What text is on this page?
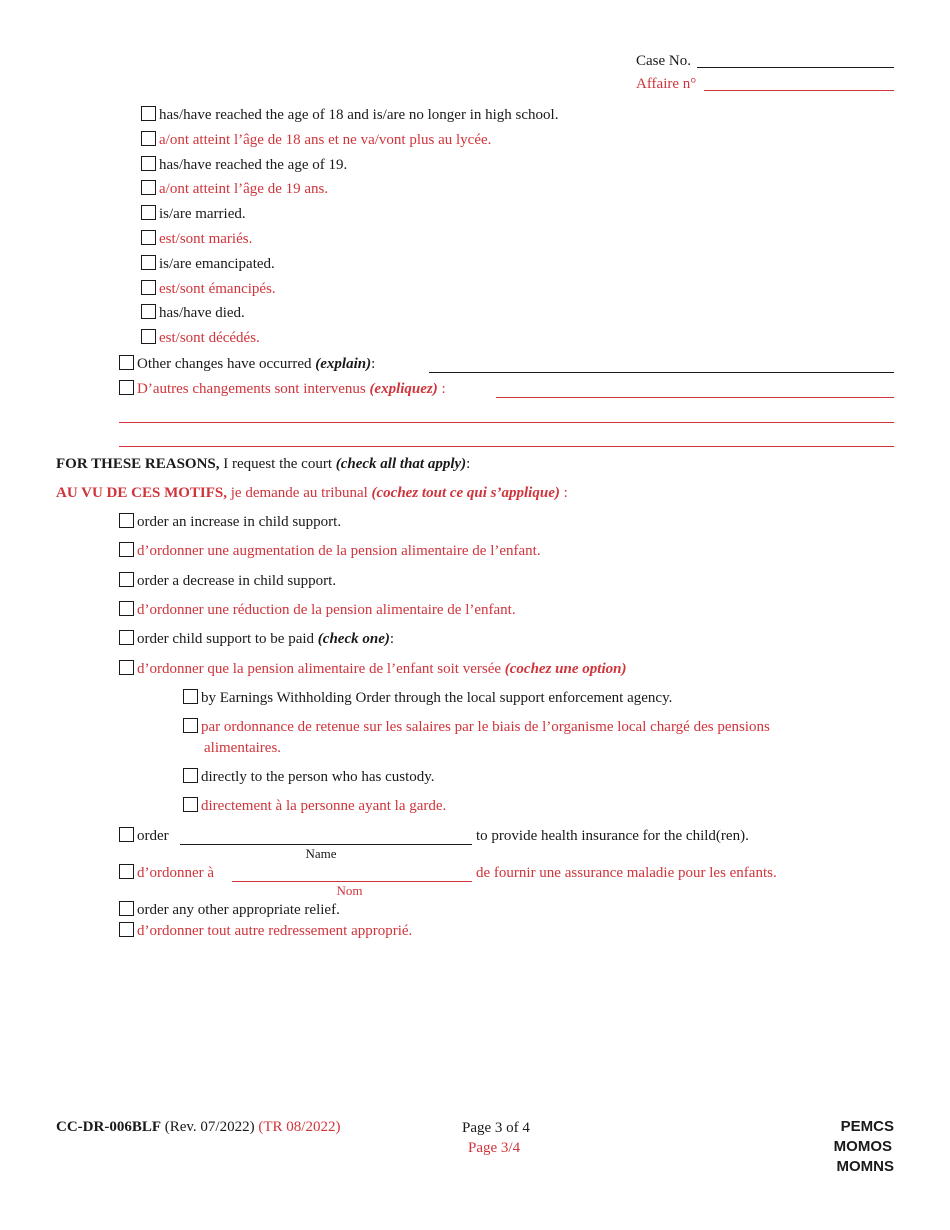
Case No.
Affaire n°
has/have reached the age of 18 and is/are no longer in high school.
a/ont atteint l’âge de 18 ans et ne va/vont plus au lycée.
has/have reached the age of 19.
a/ont atteint l’âge de 19 ans.
is/are married.
est/sont mariés.
is/are emancipated.
est/sont émancipés.
has/have died.
est/sont décédés.
Other changes have occurred (explain):
D’autres changements sont intervenus (expliquez) :
FOR THESE REASONS, I request the court (check all that apply):
AU VU DE CES MOTIFS, je demande au tribunal (cochez tout ce qui s’applique) :
order an increase in child support.
d’ordonner une augmentation de la pension alimentaire de l’enfant.
order a decrease in child support.
d’ordonner une réduction de la pension alimentaire de l’enfant.
order child support to be paid (check one):
d’ordonner que la pension alimentaire de l’enfant soit versée (cochez une option)
by Earnings Withholding Order through the local support enforcement agency.
par ordonnance de retenue sur les salaires par le biais de l’organisme local chargé des pensions
alimentaires.
directly to the person who has custody.
directement à la personne ayant la garde.
order	to provide health insurance for the child(ren).
Name
d’ordonner à	de fournir une assurance maladie pour les enfants.
Nom
order any other appropriate relief.
d’ordonner tout autre redressement approprié.
CC-DR-006BLF (Rev. 07/2022) (TR 08/2022)	Page 3 of 4
Page 3/4
PEMCS
MOMOS
MOMNS
